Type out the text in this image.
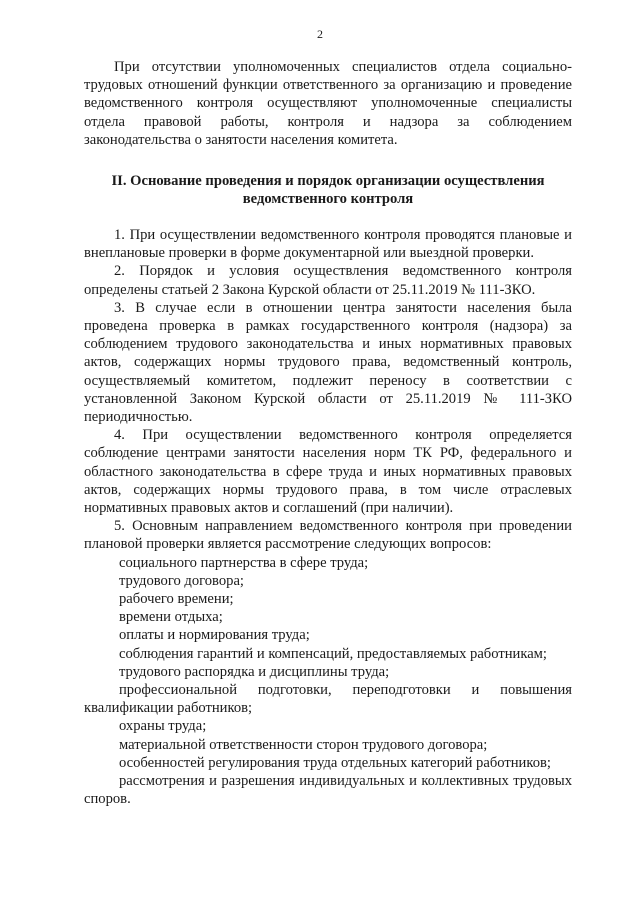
2

При отсутствии уполномоченных специалистов отдела социально-трудовых отношений функции ответственного за организацию и проведение ведомственного контроля осуществляют уполномоченные специалисты отдела правовой работы, контроля и надзора за соблюдением законодательства о занятости населения комитета.

II. Основание проведения и порядок организации осуществления
ведомственного контроля

1. При осуществлении ведомственного контроля проводятся плановые и внеплановые проверки в форме документарной или выездной проверки.

2. Порядок и условия осуществления ведомственного контроля определены статьей 2 Закона Курской области от 25.11.2019 № 111-ЗКО.

3. В случае если в отношении центра занятости населения была проведена проверка в рамках государственного контроля (надзора) за соблюдением трудового законодательства и иных нормативных правовых актов, содержащих нормы трудового права, ведомственный контроль, осуществляемый комитетом, подлежит переносу в соответствии с установленной Законом Курской области от 25.11.2019 № 111-ЗКО периодичностью.

4. При осуществлении ведомственного контроля определяется соблюдение центрами занятости населения норм ТК РФ, федерального и областного законодательства в сфере труда и иных нормативных правовых актов, содержащих нормы трудового права, в том числе отраслевых нормативных правовых актов и соглашений (при наличии).

5. Основным направлением ведомственного контроля при проведении плановой проверки является рассмотрение следующих вопросов:

социального партнерства в сфере труда;
трудового договора;
рабочего времени;
времени отдыха;
оплаты и нормирования труда;
соблюдения гарантий и компенсаций, предоставляемых работникам;
трудового распорядка и дисциплины труда;
профессиональной подготовки, переподготовки и повышения квалификации работников;
охраны труда;
материальной ответственности сторон трудового договора;
особенностей регулирования труда отдельных категорий работников;
рассмотрения и разрешения индивидуальных и коллективных трудовых споров.
